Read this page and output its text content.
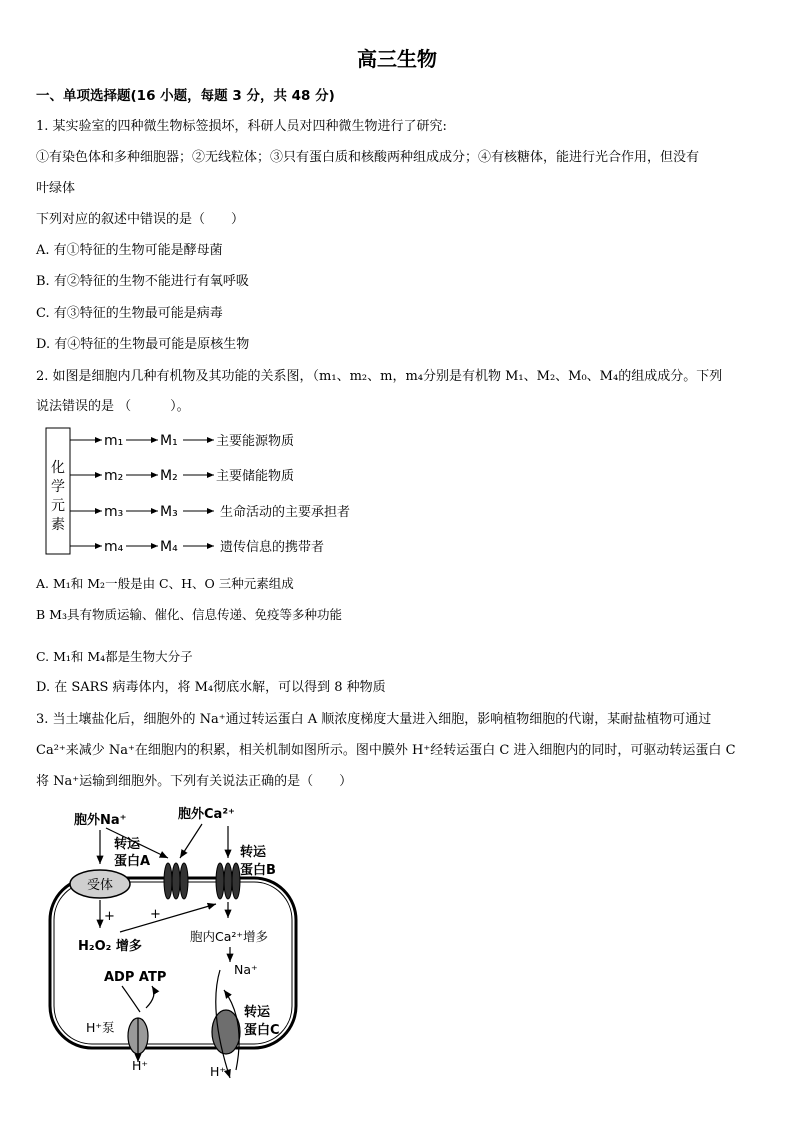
高三生物
一、单项选择题(16 小题，每题 3 分，共 48 分)
1. 某实验室的四种微生物标签损坏，科研人员对四种微生物进行了研究:
①有染色体和多种细胞器；②无线粒体；③只有蛋白质和核酸两种组成成分；④有核糖体，能进行光合作用，但没有
叶绿体
下列对应的叙述中错误的是（　　）
A. 有①特征的生物可能是酵母菌
B. 有②特征的生物不能进行有氧呼吸
C. 有③特征的生物最可能是病毒
D. 有④特征的生物最可能是原核生物
2. 如图是细胞内几种有机物及其功能的关系图，（m₁、m₂、m，m₄分别是有机物 M₁、M₂、M₀、M₄的组成成分。下列
说法错误的是 （　　　）。
化
学
元
素
m₁	M₁	主要能源物质
m₂	M₂	主要储能物质
m₃	M₃	生命活动的主要承担者
m₄	M₄	遗传信息的携带者
A. M₁和 M₂一般是由 C、H、O 三种元素组成
B M₃具有物质运输、催化、信息传递、免疫等多种功能
C. M₁和 M₄都是生物大分子
D. 在 SARS 病毒体内，将 M₄彻底水解，可以得到 8 种物质
3. 当土壤盐化后，细胞外的 Na⁺通过转运蛋白 A 顺浓度梯度大量进入细胞，影响植物细胞的代谢，某耐盐植物可通过
Ca²⁺来减少 Na⁺在细胞内的积累，相关机制如图所示。图中膜外 H⁺经转运蛋白 C 进入细胞内的同时，可驱动转运蛋白 C
将 Na⁺运输到细胞外。下列有关说法正确的是（　　）
胞外Na⁺	胞外Ca²⁺
转运
蛋白A
转运
蛋白B
受体
+	+
H₂O₂ 增多
胞内Ca²⁺增多
Na⁺
ADP ATP
H⁺泵
H⁺
转运
蛋白C
H⁺
